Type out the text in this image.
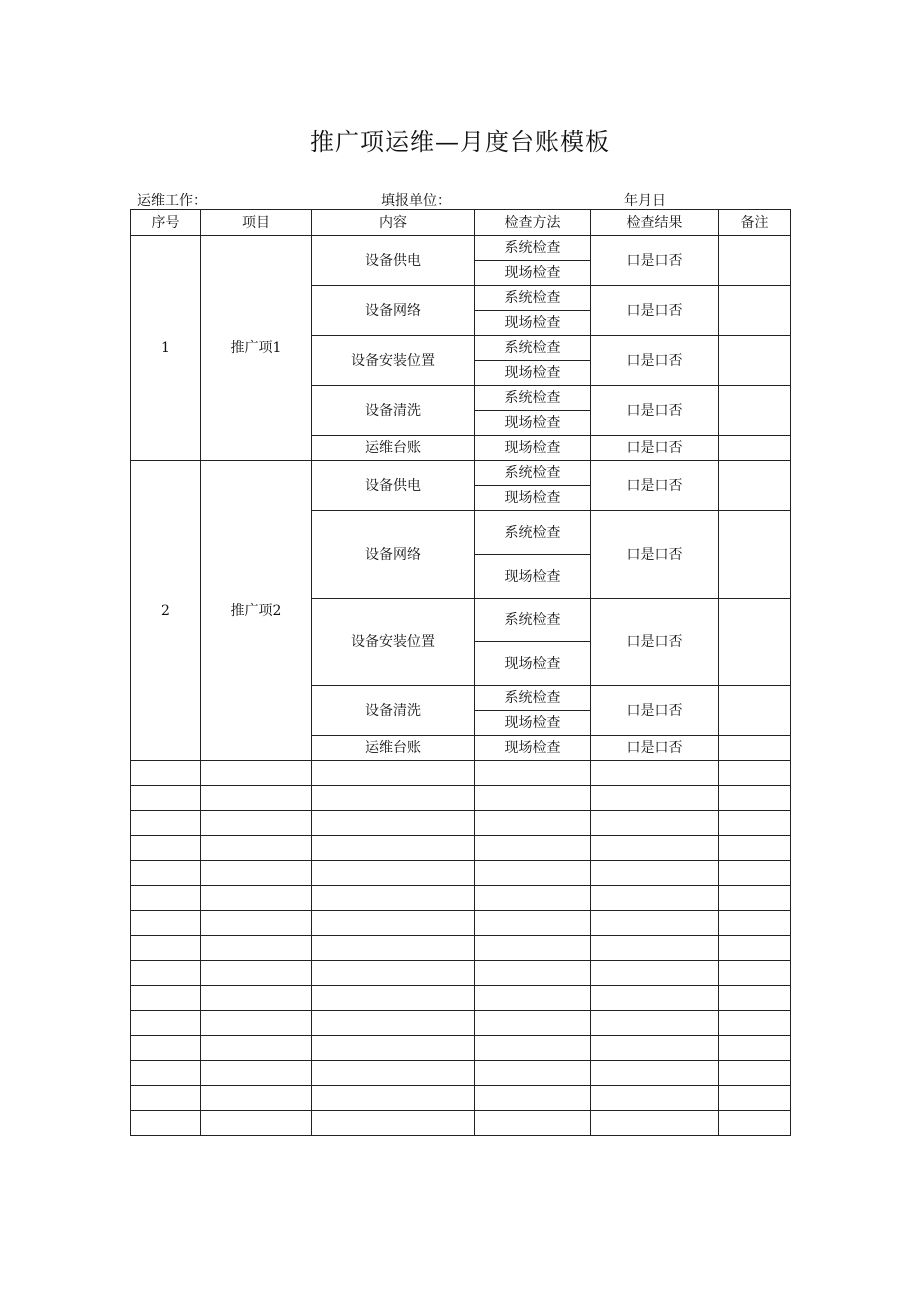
推广项运维—月度台账模板
运维工作：	填报单位：	年月日
序号	项目	内容	检查方法	检查结果	备注
1	推广项1	设备供电	系统检查	口是口否	
			现场检查		
		设备网络	系统检查	口是口否	
			现场检查		
		设备安装位置	系统检查	口是口否	
			现场检查		
		设备清洗	系统检查	口是口否	
			现场检查		
		运维台账	现场检查	口是口否	
2	推广项2	设备供电	系统检查	口是口否	
			现场检查		
		设备网络	系统检查	口是口否	
			现场检查		
		设备安装位置	系统检查	口是口否	
			现场检查		
		设备清洗	系统检查	口是口否	
			现场检查		
		运维台账	现场检查	口是口否	
